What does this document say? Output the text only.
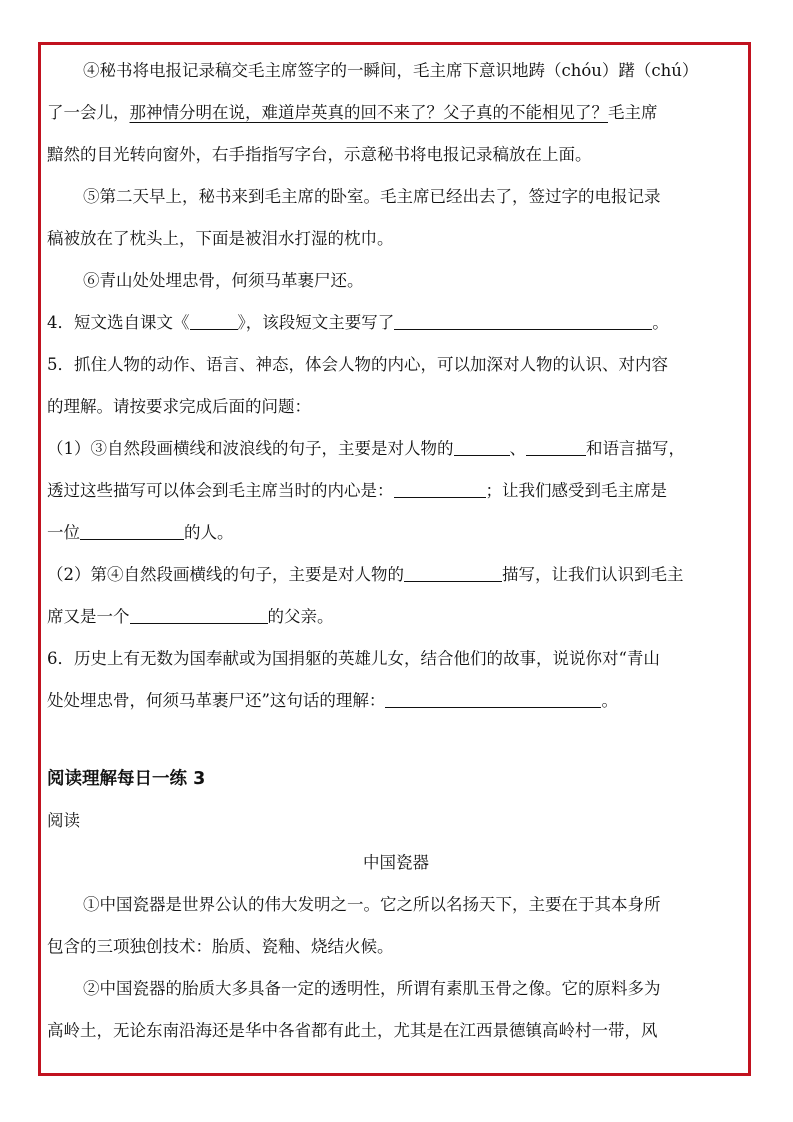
④秘书将电报记录稿交毛主席签字的一瞬间，毛主席下意识地踌（chóu）躇（chú）
了一会儿，那神情分明在说，难道岸英真的回不来了？父子真的不能相见了？毛主席
黯然的目光转向窗外，右手指指写字台，示意秘书将电报记录稿放在上面。
⑤第二天早上，秘书来到毛主席的卧室。毛主席已经出去了，签过字的电报记录
稿被放在了枕头上，下面是被泪水打湿的枕巾。
⑥青山处处埋忠骨，何须马革裹尸还。
4．短文选自课文《	》，该段短文主要写了	。
5．抓住人物的动作、语言、神态，体会人物的内心，可以加深对人物的认识、对内容
的理解。请按要求完成后面的问题：
（1）③自然段画横线和波浪线的句子，主要是对人物的	、	和语言描写，
透过这些描写可以体会到毛主席当时的内心是：	；让我们感受到毛主席是
一位	的人。
（2）第④自然段画横线的句子，主要是对人物的	描写，让我们认识到毛主
席又是一个	的父亲。
6．历史上有无数为国奉献或为国捐躯的英雄儿女，结合他们的故事，说说你对“青山
处处埋忠骨，何须马革裹尸还”这句话的理解：	。
阅读理解每日一练 3
阅读
中国瓷器
①中国瓷器是世界公认的伟大发明之一。它之所以名扬天下，主要在于其本身所
包含的三项独创技术：胎质、瓷釉、烧结火候。
②中国瓷器的胎质大多具备一定的透明性，所谓有素肌玉骨之像。它的原料多为
高岭土，无论东南沿海还是华中各省都有此土，尤其是在江西景德镇高岭村一带，风
